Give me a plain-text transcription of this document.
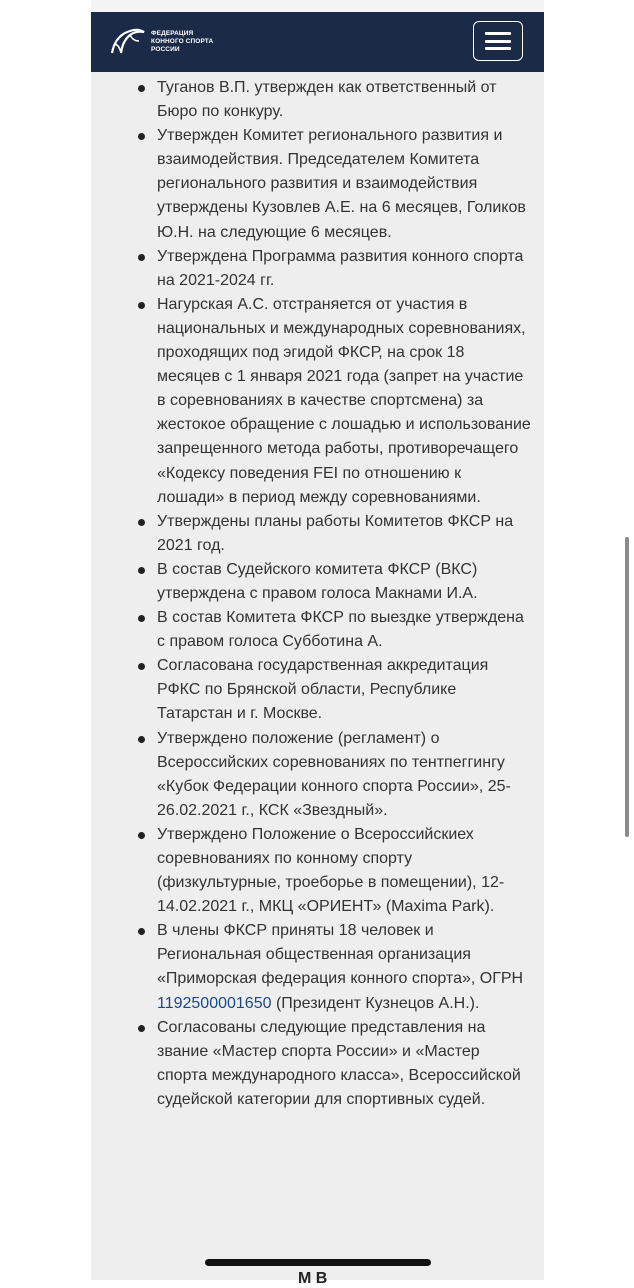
ФЕДЕРАЦИЯ
КОННОГО СПОРТА
РОССИИ
Туганов В.П. утвержден как ответственный от Бюро по конкуру.
Утвержден Комитет регионального развития и взаимодействия. Председателем Комитета регионального развития и взаимодействия утверждены Кузовлев А.Е. на 6 месяцев, Голиков Ю.Н. на следующие 6 месяцев.
Утверждена Программа развития конного спорта на 2021-2024 гг.
Нагурская А.С. отстраняется от участия в национальных и международных соревнованиях, проходящих под эгидой ФКСР, на срок 18 месяцев с 1 января 2021 года (запрет на участие в соревнованиях в качестве спортсмена) за жестокое обращение с лошадью и использование запрещенного метода работы, противоречащего «Кодексу поведения FEI по отношению к лошади» в период между соревнованиями.
Утверждены планы работы Комитетов ФКСР на 2021 год.
В состав Судейского комитета ФКСР (ВКС) утверждена с правом голоса Макнами И.А.
В состав Комитета ФКСР по выездке утверждена с правом голоса Субботина А.
Согласована государственная аккредитация РФКС по Брянской области, Республике Татарстан и г. Москве.
Утверждено положение (регламент) о Всероссийских соревнованиях по тентпеггингу «Кубок Федерации конного спорта России», 25-26.02.2021 г., КСК «Звездный».
Утверждено Положение о Всероссийскиех соревнованиях по конному спорту (физкультурные, троеборье в помещении), 12-14.02.2021 г., МКЦ «ОРИЕНТ» (Maxima Park).
В члены ФКСР приняты 18 человек и Региональная общественная организация «Приморская федерация конного спорта», ОГРН 1192500001650 (Президент Кузнецов А.Н.).
Согласованы следующие представления на звание «Мастер спорта России» и «Мастер спорта международного класса», Всероссийской судейской категории для спортивных судей.
М В
